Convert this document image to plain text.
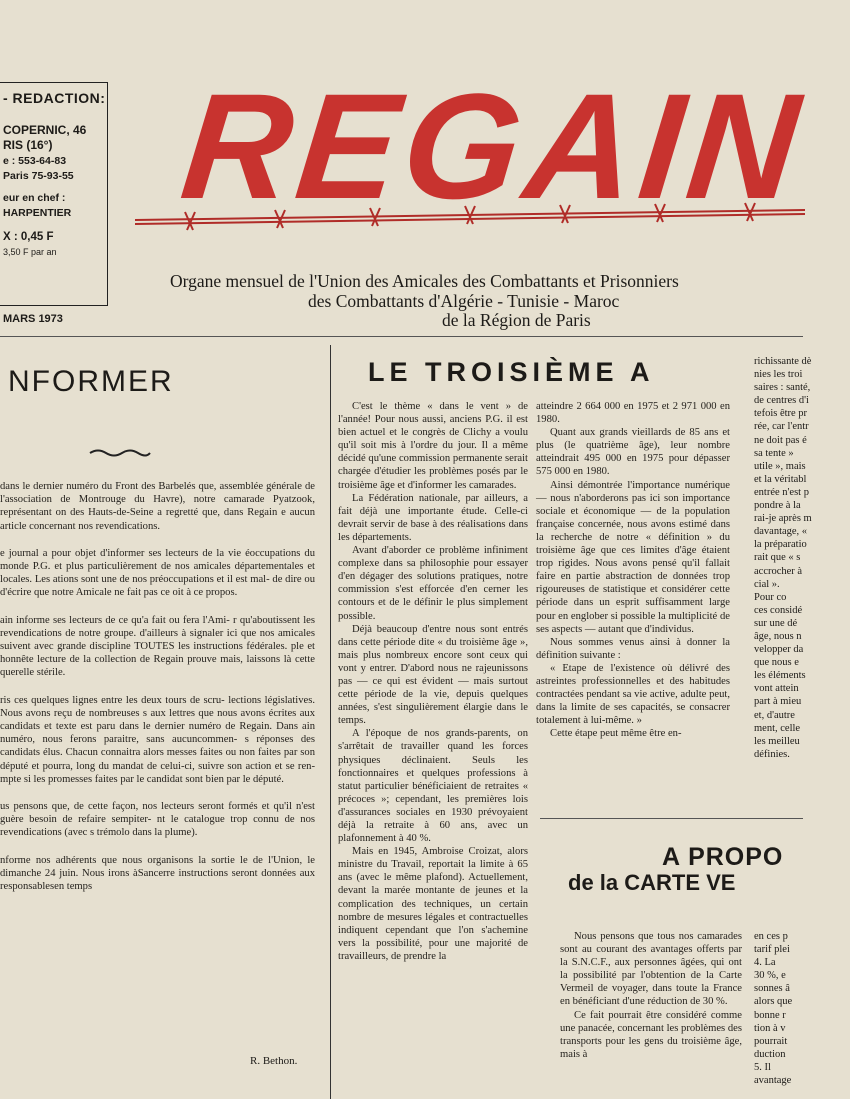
REGAIN
Organe mensuel de l'Union des Amicales des Combattants et Prisonniers
des Combattants d'Algérie - Tunisie - Maroc
de la Région de Paris
- REDACTION:
COPERNIC, 46
RIS (16°)
e : 553-64-83
Paris 75-93-55
eur en chef :
HARPENTIER
X : 0,45 F
3,50 F par an
MARS 1973
NFORMER

dans le dernier numéro du Front des Barbelés que, assemblée générale de l'association de Montrouge du Havre), notre camarade Pyatzook, représentant on des Hauts-de-Seine a regretté que, dans Regain e aucun article concernant nos revendications.

e journal a pour objet d'informer ses lecteurs de la vie éoccupations du monde P.G. et plus particulièrement de nos amicales départementales et locales. Les ations sont une de nos préoccupations et il est mal- de dire ou d'écrire que notre Amicale ne fait pas ce oit à ce propos.

ain informe ses lecteurs de ce qu'a fait ou fera l'Ami- r qu'aboutissent les revendications de notre groupe. d'ailleurs à signaler ici que nos amicales suivent avec grande discipline TOUTES les instructions fédérales. ple et honnête lecture de la collection de Regain prouve mais, laissons là cette querelle stérile.

ris ces quelques lignes entre les deux tours de scru- lections législatives. Nous avons reçu de nombreuses s aux lettres que nous avons écrites aux candidats et texte est paru dans le dernier numéro de Regain. Dans ain numéro, nous ferons paraitre, sans aucuncommen- s réponses des candidats élus. Chacun connaitra alors messes faites ou non faites par son député et pourra, long du mandat de celui-ci, suivre son action et se ren- mpte si les promesses faites par le candidat sont bien par le député.

us pensons que, de cette façon, nos lecteurs seront formés et qu'il n'est guère besoin de refaire sempiter- nt le catalogue trop connu de nos revendications (avec s trémolo dans la plume).

nforme nos adhérents que nous organisons la sortie le de l'Union, le dimanche 24 juin. Nous irons àSancerre instructions seront données aux responsablesen temps

R. Bethon.
LE TROISIÈME A

C'est le thème « dans le vent » de l'année! Pour nous aussi, anciens P.G. il est bien actuel et le congrès de Clichy a voulu qu'il soit mis à l'ordre du jour. Il a même décidé qu'une commission permanente serait chargée d'étudier les problèmes posés par le troisième âge et d'informer les camarades.

La Fédération nationale, par ailleurs, a fait déjà une importante étude. Celle-ci devrait servir de base à des réalisations dans les départements.

Avant d'aborder ce problème infiniment complexe dans sa philosophie pour essayer d'en dégager des solutions pratiques, notre commission s'est efforcée d'en cerner les contours et de le définir le plus simplement possible.

Déjà beaucoup d'entre nous sont entrés dans cette période dite « du troisième âge », mais plus nombreux encore sont ceux qui vont y entrer. D'abord nous ne rajeunissons pas — ce qui est évident — mais surtout cette période de la vie, depuis quelques années, s'est singulièrement élargie dans le temps.

A l'époque de nos grands-parents, on s'arrêtait de travailler quand les forces physiques déclinaient. Seuls les fonctionnaires et quelques professions à statut particulier bénéficiaient de retraites « précoces »; cependant, les premières lois d'assurances sociales en 1930 prévoyaient déjà la retraite à 60 ans, avec un plafonnement à 40 %.

Mais en 1945, Ambroise Croizat, alors ministre du Travail, reportait la limite à 65 ans (avec le même plafond). Actuellement, devant la marée montante de jeunes et la complication des techniques, un certain nombre de mesures légales et contractuelles indiquent cependant que l'on s'achemine vers la possibilité, pour une majorité de travailleurs, de prendre la

atteindre 2 664 000 en 1975 et 2 971 000 en 1980.

Quant aux grands vieillards de 85 ans et plus (le quatrième âge), leur nombre atteindrait 495 000 en 1975 pour dépasser 575 000 en 1980.

Ainsi démontrée l'importance numérique — nous n'aborderons pas ici son importance sociale et économique — de la population française concernée, nous avons estimé dans la recherche de notre « définition » du troisième âge que ces limites d'âge étaient trop rigides. Nous avons pensé qu'il fallait faire en partie abstraction de données trop rigoureuses de statistique et considérer cette période dans un esprit suffisamment large pour en englober si possible la multiplicité de ses aspects — autant que d'individus.

Nous sommes venus ainsi à donner la définition suivante :

« Etape de l'existence où délivré des astreintes professionnelles et des habitudes contractées pendant sa vie active, adulte peut, dans la limite de ses capacités, se consacrer totalement à lui-même. »

Cette étape peut même être en-

richissante dè
nies les troi
saires : santé,
de centres d'i
tefois être pr
rée, car l'entr
ne doit pas é
sa tente »
utile », mais
et la véritabl
entrée n'est p
pondre à la
rai-je après m
davantage, «
la préparatio
rait que « s
accrocher à
cial ».
Pour co
ces considé
sur une dé
âge, nous n
velopper da
que nous e
les éléments
vont attein
part à mieu
et, d'autre
ment, celle
les meilleu
définies.
A PROPO
de la CARTE VE

Nous pensons que tous nos camarades sont au courant des avantages offerts par la S.N.C.F., aux personnes âgées, qui ont la possibilité par l'obtention de la Carte Vermeil de voyager, dans toute la France en bénéficiant d'une réduction de 30 %.

Ce fait pourrait être considéré comme une panacée, concernant les problèmes des transports pour les gens du troisième âge, mais à

en ces p
tarif plei
4. La
30 %, e
sonnes â
alors que
bonne r
tion à v
pourrait
duction
5. Il
avantage
